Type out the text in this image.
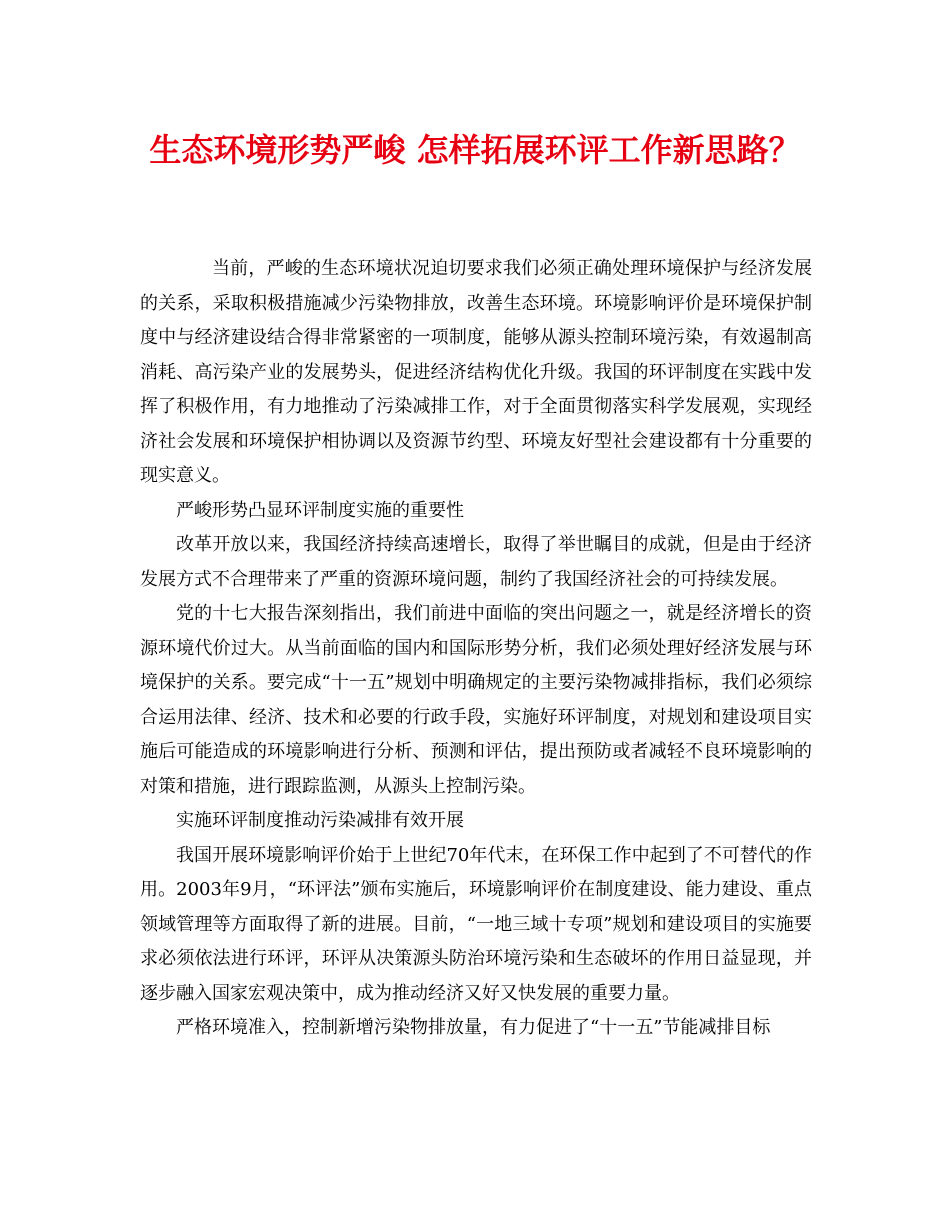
生态环境形势严峻 怎样拓展环评工作新思路？

当前，严峻的生态环境状况迫切要求我们必须正确处理环境保护与经济发展的关系，采取积极措施减少污染物排放，改善生态环境。环境影响评价是环境保护制度中与经济建设结合得非常紧密的一项制度，能够从源头控制环境污染，有效遏制高消耗、高污染产业的发展势头，促进经济结构优化升级。我国的环评制度在实践中发挥了积极作用，有力地推动了污染减排工作，对于全面贯彻落实科学发展观，实现经济社会发展和环境保护相协调以及资源节约型、环境友好型社会建设都有十分重要的现实意义。

严峻形势凸显环评制度实施的重要性

改革开放以来，我国经济持续高速增长，取得了举世瞩目的成就，但是由于经济发展方式不合理带来了严重的资源环境问题，制约了我国经济社会的可持续发展。

党的十七大报告深刻指出，我们前进中面临的突出问题之一，就是经济增长的资源环境代价过大。从当前面临的国内和国际形势分析，我们必须处理好经济发展与环境保护的关系。要完成“十一五”规划中明确规定的主要污染物减排指标，我们必须综合运用法律、经济、技术和必要的行政手段，实施好环评制度，对规划和建设项目实施后可能造成的环境影响进行分析、预测和评估，提出预防或者减轻不良环境影响的对策和措施，进行跟踪监测，从源头上控制污染。

实施环评制度推动污染减排有效开展

我国开展环境影响评价始于上世纪70年代末，在环保工作中起到了不可替代的作用。2003年9月，“环评法”颁布实施后，环境影响评价在制度建设、能力建设、重点领域管理等方面取得了新的进展。目前，“一地三域十专项”规划和建设项目的实施要求必须依法进行环评，环评从决策源头防治环境污染和生态破坏的作用日益显现，并逐步融入国家宏观决策中，成为推动经济又好又快发展的重要力量。

严格环境准入，控制新增污染物排放量，有力促进了“十一五”节能减排目标
